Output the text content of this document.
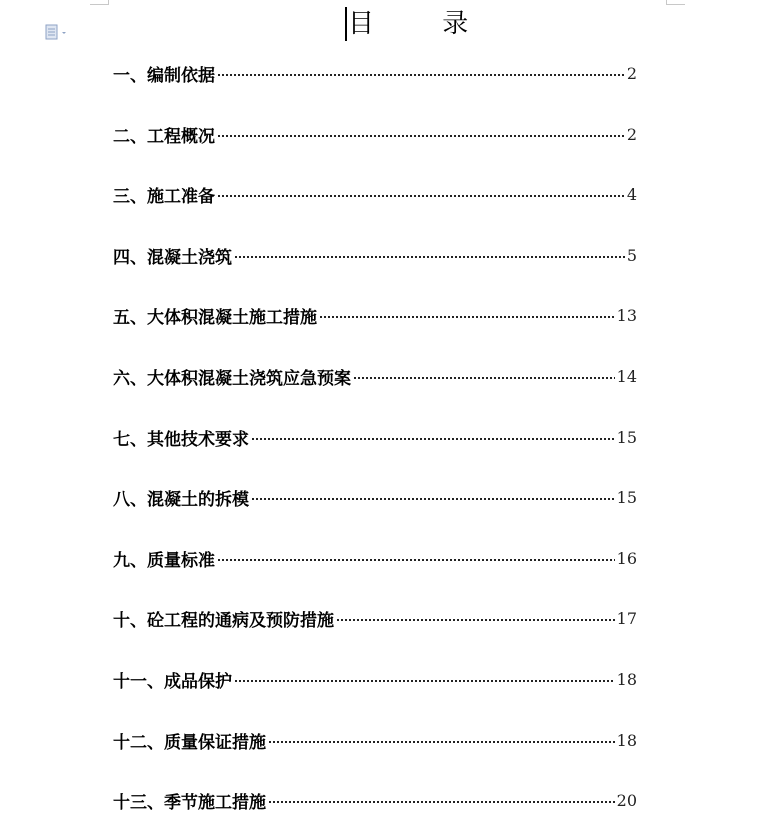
目 录
一、编制依据	2
二、工程概况	2
三、施工准备	4
四、混凝土浇筑	5
五、大体积混凝土施工措施	13
六、大体积混凝土浇筑应急预案	14
七、其他技术要求	15
八、混凝土的拆模	15
九、质量标准	16
十、砼工程的通病及预防措施	17
十一、成品保护	18
十二、质量保证措施	18
十三、季节施工措施	20
